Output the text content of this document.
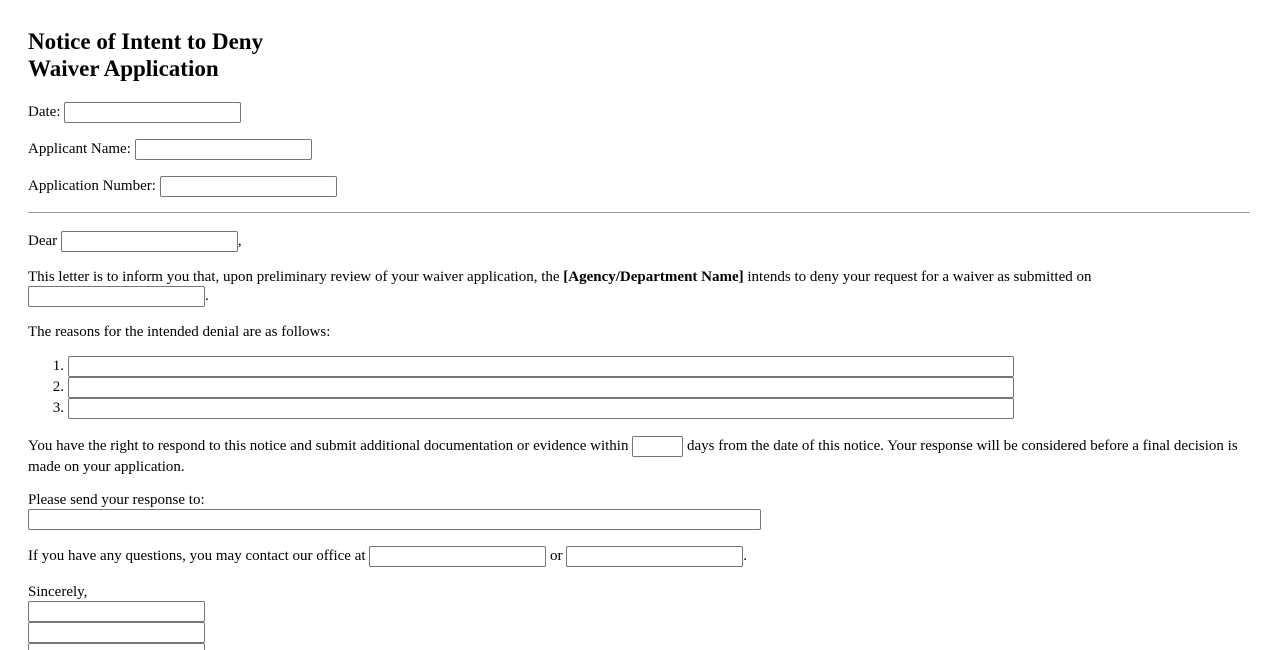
Notice of Intent to Deny
Waiver Application
Date:
Applicant Name:
Application Number:
Dear	,
This letter is to inform you that, upon preliminary review of your waiver application, the [Agency/Department Name] intends to deny your request for a waiver as submitted on
.
The reasons for the intended denial are as follows:
1.
2.
3.
You have the right to respond to this notice and submit additional documentation or evidence within	days from the date of this notice. Your response will be considered before a final decision is made on your application.
Please send your response to:
If you have any questions, you may contact our office at	or	.
Sincerely,
